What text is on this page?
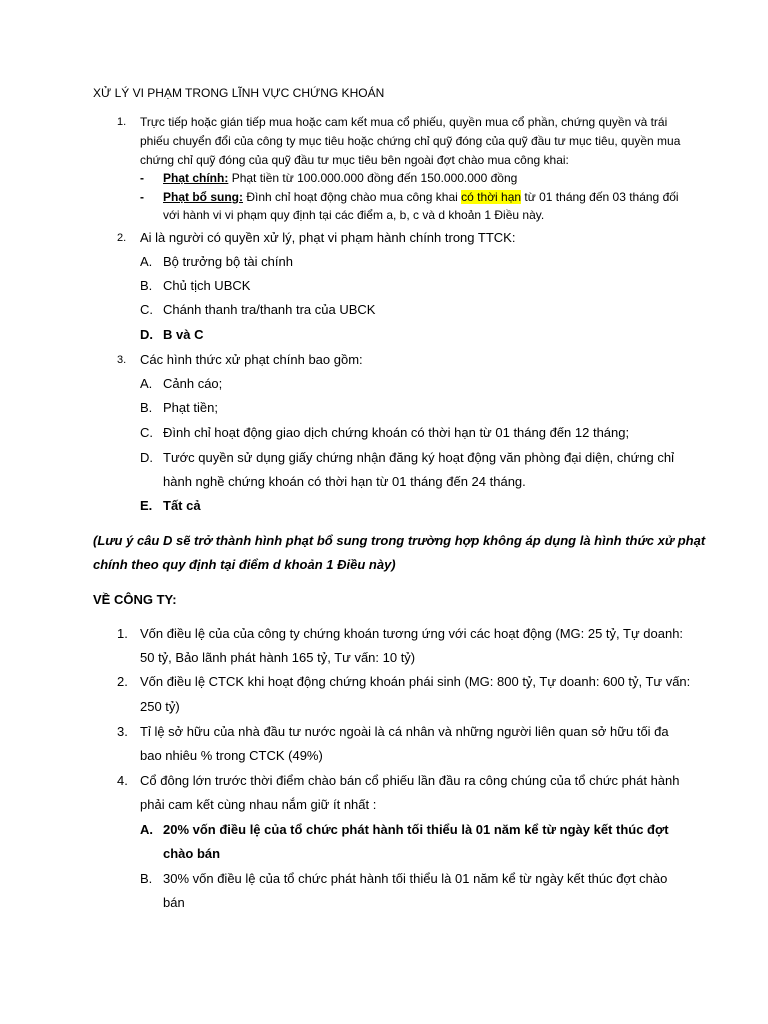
XỬ LÝ VI PHẠM TRONG LĨNH VỰC CHỨNG KHOÁN
1. Trực tiếp hoặc gián tiếp mua hoặc cam kết mua cổ phiếu, quyền mua cổ phần, chứng quyền và trái
phiếu chuyển đổi của công ty mục tiêu hoặc chứng chỉ quỹ đóng của quỹ đầu tư mục tiêu, quyền mua
chứng chỉ quỹ đóng của quỹ đầu tư mục tiêu bên ngoài đợt chào mua công khai:
- Phạt chính: Phạt tiền từ 100.000.000 đồng đến 150.000.000 đồng
- Phạt bổ sung: Đình chỉ hoạt động chào mua công khai có thời hạn từ 01 tháng đến 03 tháng đối
với hành vi vi phạm quy định tại các điểm a, b, c và d khoản 1 Điều này.
2. Ai là người có quyền xử lý, phạt vi phạm hành chính trong TTCK:
A. Bộ trưởng bộ tài chính
B. Chủ tịch UBCK
C. Chánh thanh tra/thanh tra của UBCK
D. B và C
3. Các hình thức xử phạt chính bao gồm:
A. Cảnh cáo;
B. Phạt tiền;
C. Đình chỉ hoạt động giao dịch chứng khoán có thời hạn từ 01 tháng đến 12 tháng;
D. Tước quyền sử dụng giấy chứng nhận đăng ký hoạt động văn phòng đại diện, chứng chỉ
hành nghề chứng khoán có thời hạn từ 01 tháng đến 24 tháng.
E. Tất cả
(Lưu ý câu D sẽ trở thành hình phạt bổ sung trong trường hợp không áp dụng là hình thức xử phạt
chính theo quy định tại điểm d khoản 1 Điều này)
VỀ CÔNG TY:
1. Vốn điều lệ của của công ty chứng khoán tương ứng với các hoạt động (MG: 25 tỷ, Tự doanh:
50 tỷ, Bảo lãnh phát hành 165 tỷ, Tư vấn: 10 tỷ)
2. Vốn điều lệ CTCK khi hoạt động chứng khoán phái sinh (MG: 800 tỷ, Tự doanh: 600 tỷ, Tư vấn:
250 tỷ)
3. Tỉ lệ sở hữu của nhà đầu tư nước ngoài là cá nhân và những người liên quan sở hữu tối đa
bao nhiêu % trong CTCK (49%)
4. Cổ đông lớn trước thời điểm chào bán cổ phiếu lần đầu ra công chúng của tổ chức phát hành
phải cam kết cùng nhau nắm giữ ít nhất :
A. 20% vốn điều lệ của tổ chức phát hành tối thiểu là 01 năm kể từ ngày kết thúc đợt
chào bán
B. 30% vốn điều lệ của tổ chức phát hành tối thiểu là 01 năm kể từ ngày kết thúc đợt chào
bán
